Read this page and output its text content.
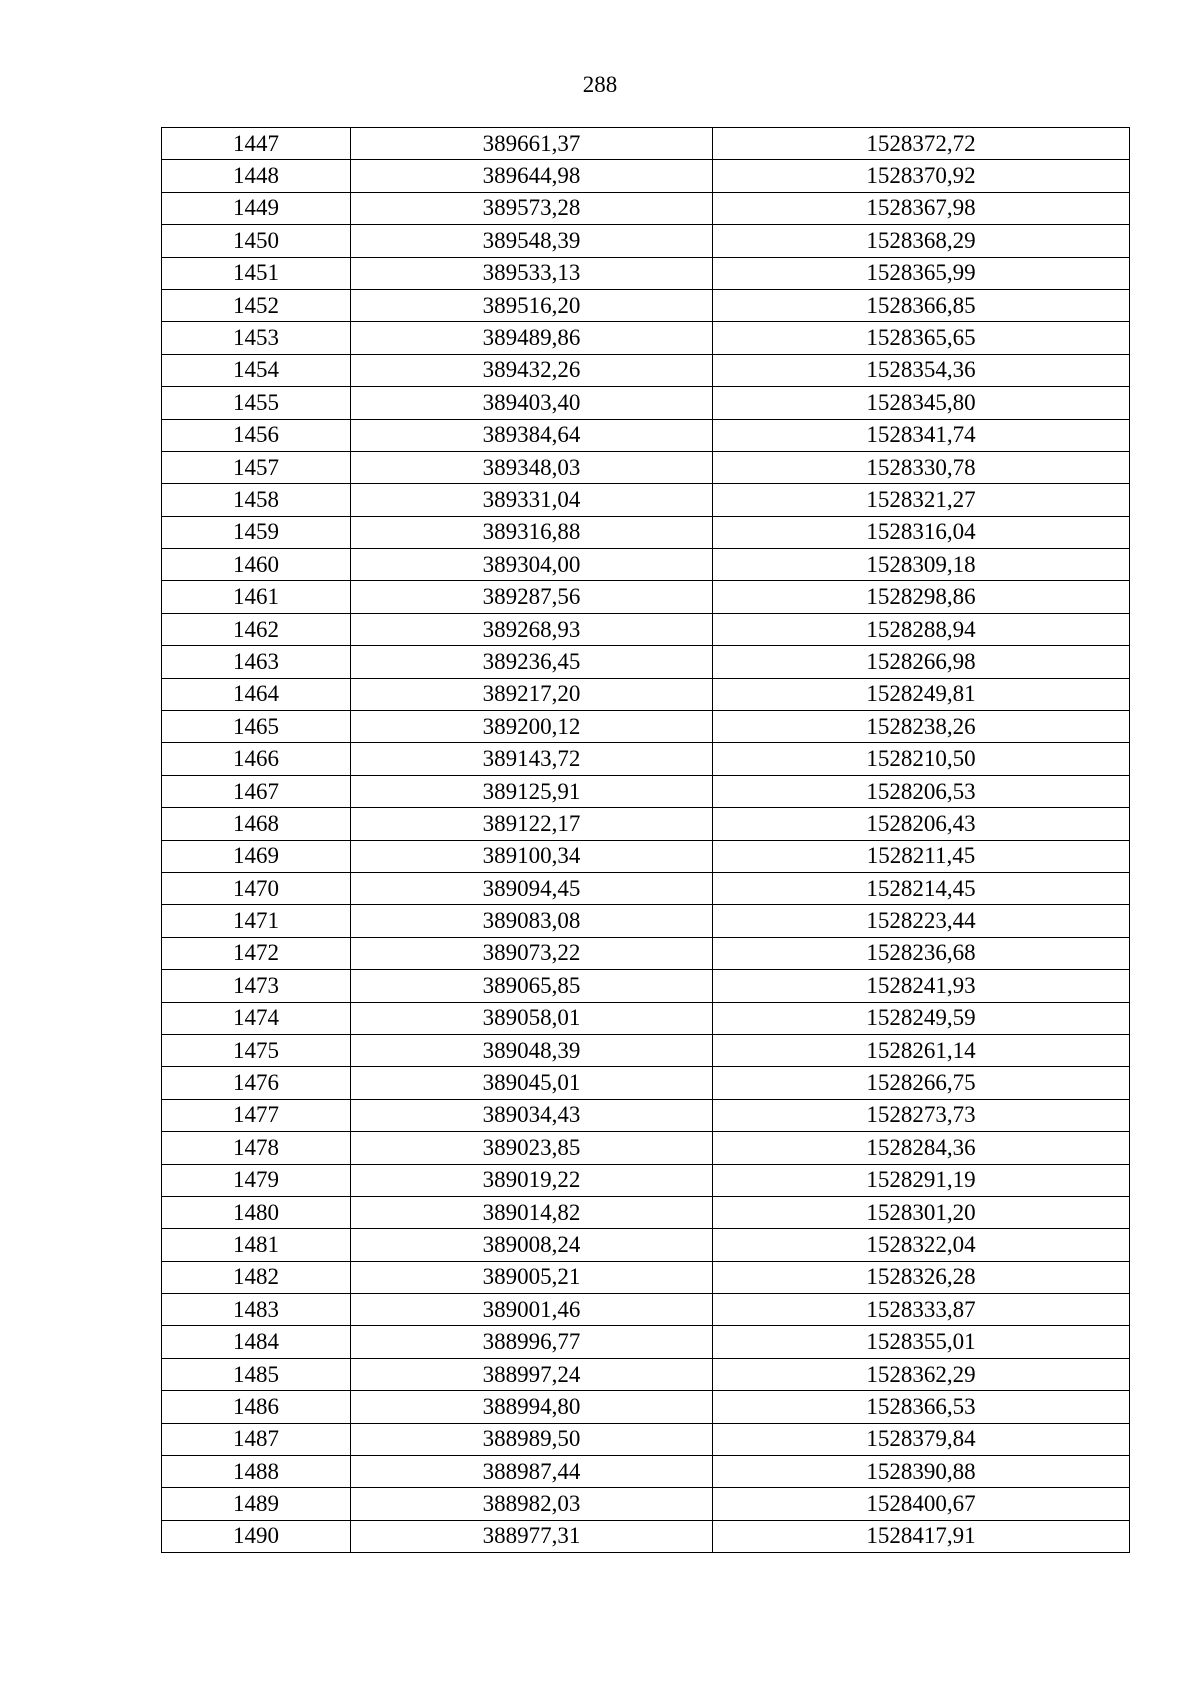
288
1447	389661,37	1528372,72
1448	389644,98	1528370,92
1449	389573,28	1528367,98
1450	389548,39	1528368,29
1451	389533,13	1528365,99
1452	389516,20	1528366,85
1453	389489,86	1528365,65
1454	389432,26	1528354,36
1455	389403,40	1528345,80
1456	389384,64	1528341,74
1457	389348,03	1528330,78
1458	389331,04	1528321,27
1459	389316,88	1528316,04
1460	389304,00	1528309,18
1461	389287,56	1528298,86
1462	389268,93	1528288,94
1463	389236,45	1528266,98
1464	389217,20	1528249,81
1465	389200,12	1528238,26
1466	389143,72	1528210,50
1467	389125,91	1528206,53
1468	389122,17	1528206,43
1469	389100,34	1528211,45
1470	389094,45	1528214,45
1471	389083,08	1528223,44
1472	389073,22	1528236,68
1473	389065,85	1528241,93
1474	389058,01	1528249,59
1475	389048,39	1528261,14
1476	389045,01	1528266,75
1477	389034,43	1528273,73
1478	389023,85	1528284,36
1479	389019,22	1528291,19
1480	389014,82	1528301,20
1481	389008,24	1528322,04
1482	389005,21	1528326,28
1483	389001,46	1528333,87
1484	388996,77	1528355,01
1485	388997,24	1528362,29
1486	388994,80	1528366,53
1487	388989,50	1528379,84
1488	388987,44	1528390,88
1489	388982,03	1528400,67
1490	388977,31	1528417,91
